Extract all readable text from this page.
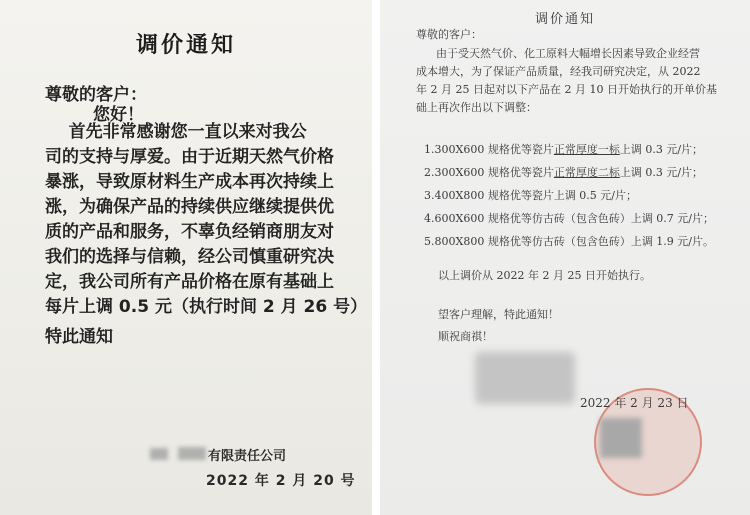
调价通知
尊敬的客户：
您好！
首先非常感谢您一直以来对我公
司的支持与厚爱。由于近期天然气价格
暴涨，导致原材料生产成本再次持续上
涨，为确保产品的持续供应继续提供优
质的产品和服务，不辜负经销商朋友对
我们的选择与信赖，经公司慎重研究决
定，我公司所有产品价格在原有基础上
每片上调 0.5 元（执行时间 2 月 26 号）
特此通知
有限责任公司
2022 年 2 月 20 号
调价通知
尊敬的客户：
由于受天然气价、化工原料大幅增长因素导致企业经营
成本增大，为了保证产品质量，经我司研究决定，从 2022
年 2 月 25 日起对以下产品在 2 月 10 日开始执行的开单价基
础上再次作出以下调整：
1.300X600 规格优等瓷片正常厚度一标上调 0.3 元/片；
2.300X600 规格优等瓷片正常厚度二标上调 0.3 元/片；
3.400X800 规格优等瓷片上调 0.5 元/片；
4.600X600 规格优等仿古砖（包含色砖）上调 0.7 元/片；
5.800X800 规格优等仿古砖（包含色砖）上调 1.9 元/片。
以上调价从 2022 年 2 月 25 日开始执行。
望客户理解，特此通知！
顺祝商祺！
2022 年 2 月 23 日
